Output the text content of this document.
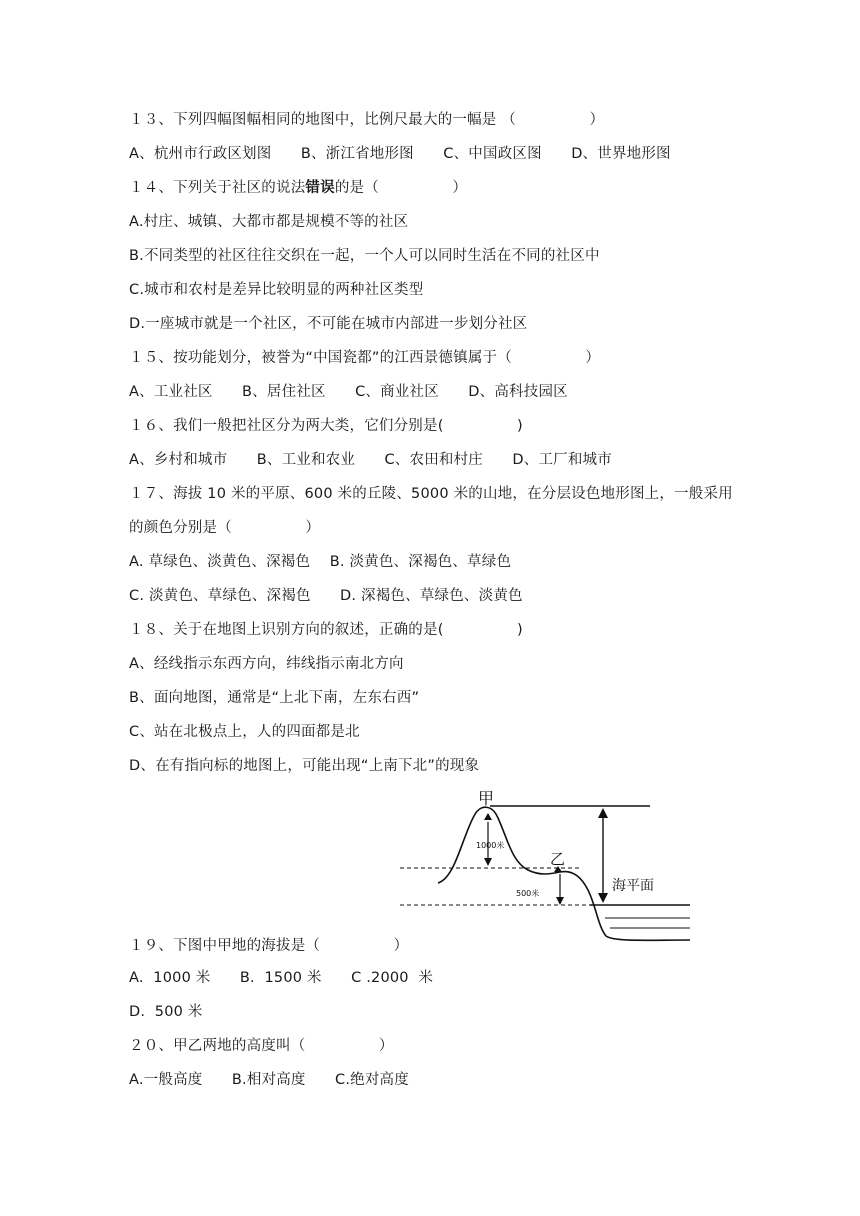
１３、下列四幅图幅相同的地图中，比例尺最大的一幅是 （　　　　　）
A、杭州市行政区划图　　B、浙江省地形图　　C、中国政区图　　D、世界地形图
１４、下列关于社区的说法错误的是（　　　　　）
A.村庄、城镇、大都市都是规模不等的社区
B.不同类型的社区往往交织在一起，一个人可以同时生活在不同的社区中
C.城市和农村是差异比较明显的两种社区类型
D.一座城市就是一个社区，不可能在城市内部进一步划分社区
１５、按功能划分，被誉为“中国瓷都”的江西景德镇属于（　　　　　）
A、工业社区　　B、居住社区　　C、商业社区　　D、高科技园区
１６、我们一般把社区分为两大类，它们分别是(　　　　　)
A、乡村和城市　　B、工业和农业　　C、农田和村庄　　D、工厂和城市
１７、海拔 10 米的平原、600 米的丘陵、5000 米的山地，在分层设色地形图上，一般采用
的颜色分别是（　　　　　）
A. 草绿色、淡黄色、深褐色　 B. 淡黄色、深褐色、草绿色
C. 淡黄色、草绿色、深褐色　　D. 深褐色、草绿色、淡黄色
１８、关于在地图上识别方向的叙述，正确的是(　　　　　)
A、经线指示东西方向，纬线指示南北方向
B、面向地图，通常是“上北下南，左东右西”
C、站在北极点上，人的四面都是北
D、在有指向标的地图上，可能出现“上南下北”的现象
甲
乙
1000米
500米	海平面
１９、下图中甲地的海拔是（　　　　　）
A.  1000 米　　B.  1500 米　　C .2000  米
D.  500 米
２０、甲乙两地的高度叫（　　　　　）
A.一般高度　　B.相对高度　　C.绝对高度
